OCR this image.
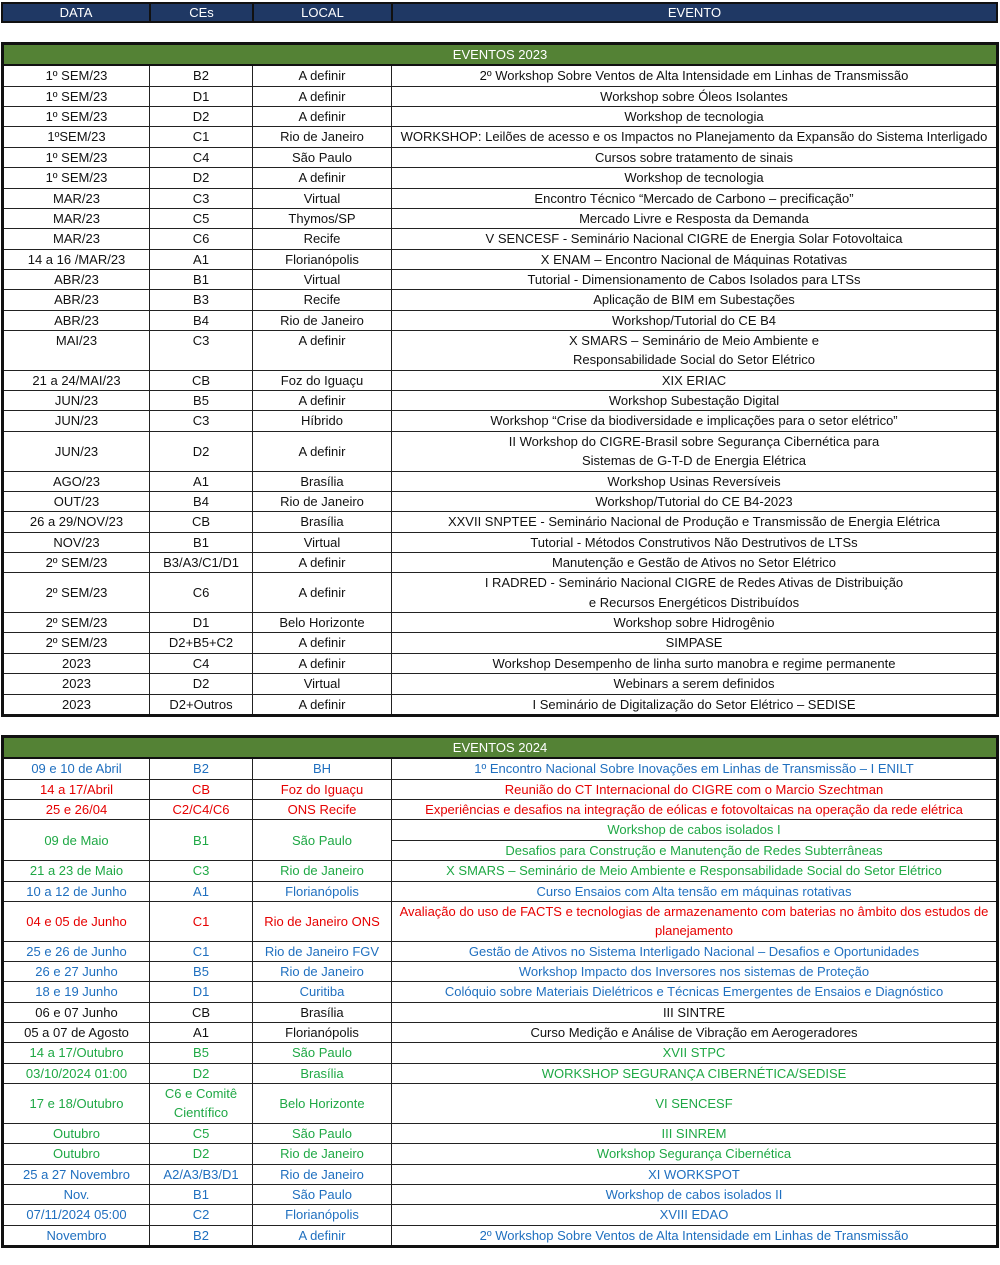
DATA	CEs	LOCAL	EVENTO
EVENTOS 2023			
1º SEM/23	B2	A definir	2º Workshop Sobre Ventos de Alta Intensidade em Linhas de Transmissão
1º SEM/23	D1	A definir	Workshop sobre Óleos Isolantes
1º SEM/23	D2	A definir	Workshop de tecnologia
1ºSEM/23	C1	Rio de Janeiro	WORKSHOP: Leilões de acesso e os Impactos no Planejamento da Expansão do Sistema Interligado
1º SEM/23	C4	São Paulo	Cursos sobre tratamento de sinais
1º SEM/23	D2	A definir	Workshop de tecnologia
MAR/23	C3	Virtual	Encontro Técnico “Mercado de Carbono – precificação”
MAR/23	C5	Thymos/SP	Mercado Livre e Resposta da Demanda
MAR/23	C6	Recife	V SENCESF - Seminário Nacional CIGRE de Energia Solar Fotovoltaica
14 a 16 /MAR/23	A1	Florianópolis	X ENAM – Encontro Nacional de Máquinas Rotativas
ABR/23	B1	Virtual	Tutorial - Dimensionamento de Cabos Isolados para LTSs
ABR/23	B3	Recife	Aplicação de BIM em Subestações
ABR/23	B4	Rio de Janeiro	Workshop/Tutorial do CE B4
MAI/23	C3	A definir	X SMARS – Seminário de Meio Ambiente e
Responsabilidade Social do Setor Elétrico

21 a 24/MAI/23	CB	Foz do Iguaçu	XIX ERIAC
JUN/23	B5	A definir	Workshop Subestação Digital
JUN/23	C3	Híbrido	Workshop “Crise da biodiversidade e implicações para o setor elétrico”
JUN/23	D2	A definir	II Workshop do CIGRE-Brasil sobre Segurança Cibernética para
Sistemas de G-T-D de Energia Elétrica

AGO/23	A1	Brasília	Workshop Usinas Reversíveis
OUT/23	B4	Rio de Janeiro	Workshop/Tutorial do CE B4-2023
26 a 29/NOV/23	CB	Brasília	XXVII SNPTEE - Seminário Nacional de Produção e Transmissão de Energia Elétrica
NOV/23	B1	Virtual	Tutorial - Métodos Construtivos Não Destrutivos de LTSs
2º SEM/23	B3/A3/C1/D1	A definir	Manutenção e Gestão de Ativos no Setor Elétrico
2º SEM/23	C6	A definir	I RADRED - Seminário Nacional CIGRE de Redes Ativas de Distribuição
e Recursos Energéticos Distribuídos

2º SEM/23	D1	Belo Horizonte	Workshop sobre Hidrogênio
2º SEM/23	D2+B5+C2	A definir	SIMPASE
2023	C4	A definir	Workshop Desempenho de linha surto manobra e regime permanente
2023	D2	Virtual	Webinars a serem definidos
2023	D2+Outros	A definir	I Seminário de Digitalização do Setor Elétrico – SEDISE
EVENTOS 2024			
09 e 10 de Abril	B2	BH	1º Encontro Nacional Sobre Inovações em Linhas de Transmissão – I ENILT
14 a 17/Abril	CB	Foz do Iguaçu	Reunião do CT Internacional do CIGRE com o Marcio Szechtman
25 e 26/04	C2/C4/C6	ONS Recife	Experiências e desafios na integração de eólicas e fotovoltaicas na operação da rede elétrica
09 de Maio	B1	São Paulo	Workshop de cabos isolados I
			Desafios para Construção e Manutenção de Redes Subterrâneas
21 a 23 de Maio	C3	Rio de Janeiro	X SMARS – Seminário de Meio Ambiente e Responsabilidade Social do Setor Elétrico
10 a 12 de Junho	A1	Florianópolis	Curso Ensaios com Alta tensão em máquinas rotativas
04 e 05 de Junho	C1	Rio de Janeiro ONS	Avaliação do uso de FACTS e tecnologias de armazenamento com baterias no âmbito dos estudos de planejamento
25 e 26 de Junho	C1	Rio de Janeiro FGV	Gestão de Ativos no Sistema Interligado Nacional – Desafios e Oportunidades
26 e 27 Junho	B5	Rio de Janeiro	Workshop Impacto dos Inversores nos sistemas de Proteção
18 e 19 Junho	D1	Curitiba	Colóquio sobre Materiais Dielétricos e Técnicas Emergentes de Ensaios e Diagnóstico
06 e 07 Junho	CB	Brasília	III SINTRE
05 a 07 de Agosto	A1	Florianópolis	Curso Medição e Análise de Vibração em Aerogeradores
14 a 17/Outubro	B5	São Paulo	XVII STPC
03/10/2024 01:00	D2	Brasília	WORKSHOP SEGURANÇA CIBERNÉTICA/SEDISE
17 e 18/Outubro	C6 e Comitê Científico	Belo Horizonte	VI SENCESF
Outubro	C5	São Paulo	III SINREM
Outubro	D2	Rio de Janeiro	Workshop Segurança Cibernética
25 a 27 Novembro	A2/A3/B3/D1	Rio de Janeiro	XI WORKSPOT
Nov.	B1	São Paulo	Workshop de cabos isolados II
07/11/2024 05:00	C2	Florianópolis	XVIII EDAO
Novembro	B2	A definir	2º Workshop Sobre Ventos de Alta Intensidade em Linhas de Transmissão
